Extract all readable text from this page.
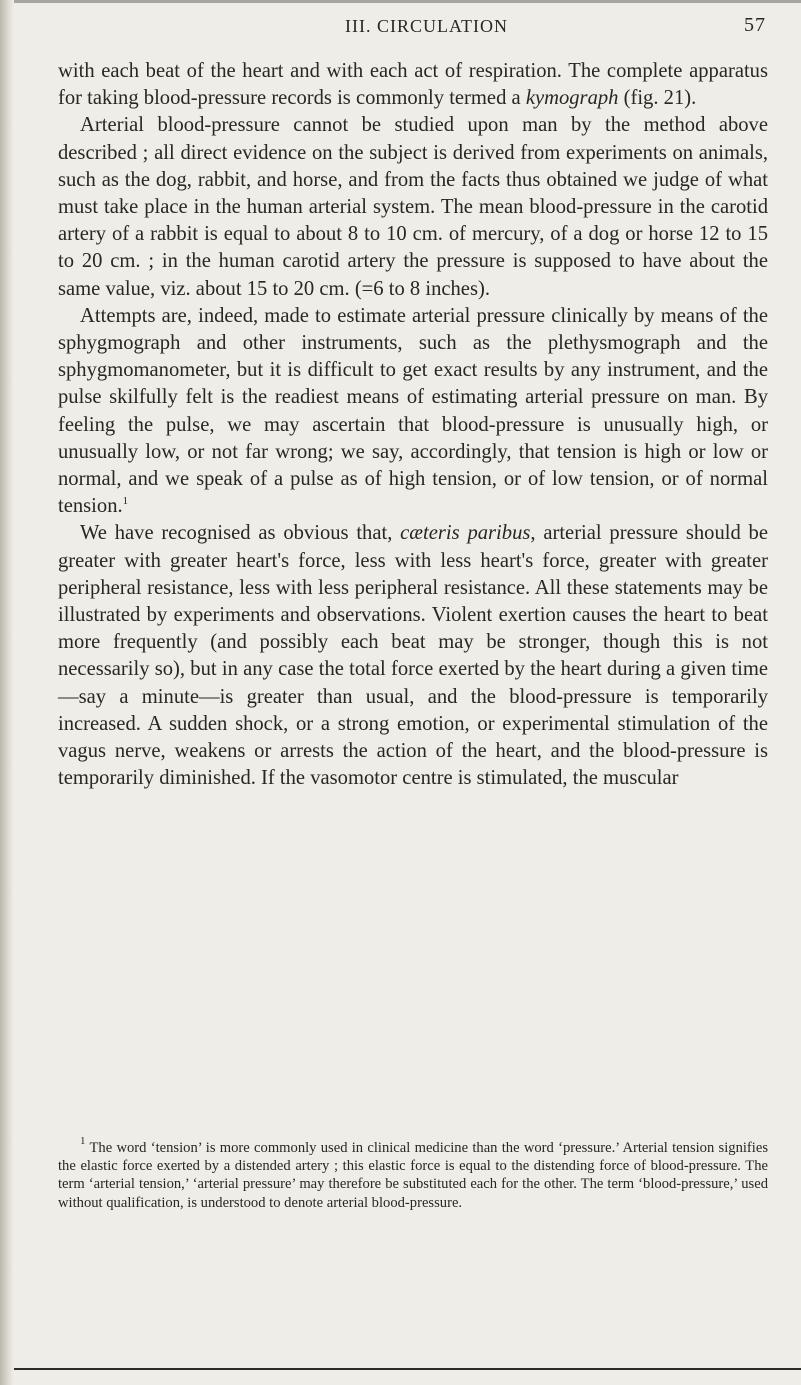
III. CIRCULATION	57

with each beat of the heart and with each act of respiration. The complete apparatus for taking blood-pressure records is commonly termed a kymograph (fig. 21).

Arterial blood-pressure cannot be studied upon man by the method above described ; all direct evidence on the subject is derived from experiments on animals, such as the dog, rabbit, and horse, and from the facts thus obtained we judge of what must take place in the human arterial system. The mean blood-pressure in the carotid artery of a rabbit is equal to about 8 to 10 cm. of mercury, of a dog or horse 12 to 15 to 20 cm. ; in the human carotid artery the pressure is supposed to have about the same value, viz. about 15 to 20 cm. (=6 to 8 inches).

Attempts are, indeed, made to estimate arterial pressure clinically by means of the sphygmograph and other instruments, such as the plethysmograph and the sphygmomanometer, but it is difficult to get exact results by any instrument, and the pulse skilfully felt is the readiest means of estimating arterial pressure on man. By feeling the pulse, we may ascertain that blood-pressure is unusually high, or unusually low, or not far wrong; we say, accordingly, that tension is high or low or normal, and we speak of a pulse as of high tension, or of low tension, or of normal tension.$^1$

We have recognised as obvious that, cæteris paribus, arterial pressure should be greater with greater heart's force, less with less heart's force, greater with greater peripheral resistance, less with less peripheral resistance. All these statements may be illustrated by experiments and observations. Violent exertion causes the heart to beat more frequently (and possibly each beat may be stronger, though this is not necessarily so), but in any case the total force exerted by the heart during a given time—say a minute—is greater than usual, and the blood-pressure is temporarily increased. A sudden shock, or a strong emotion, or experimental stimulation of the vagus nerve, weakens or arrests the action of the heart, and the blood-pressure is temporarily diminished. If the vasomotor centre is stimulated, the muscular

$^1$ The word ‘tension’ is more commonly used in clinical medicine than the word ‘pressure.’ Arterial tension signifies the elastic force exerted by a distended artery ; this elastic force is equal to the distending force of blood-pressure. The term ‘arterial tension,’ ‘arterial pressure’ may therefore be substituted each for the other. The term ‘blood-pressure,’ used without qualification, is understood to denote arterial blood-pressure.
